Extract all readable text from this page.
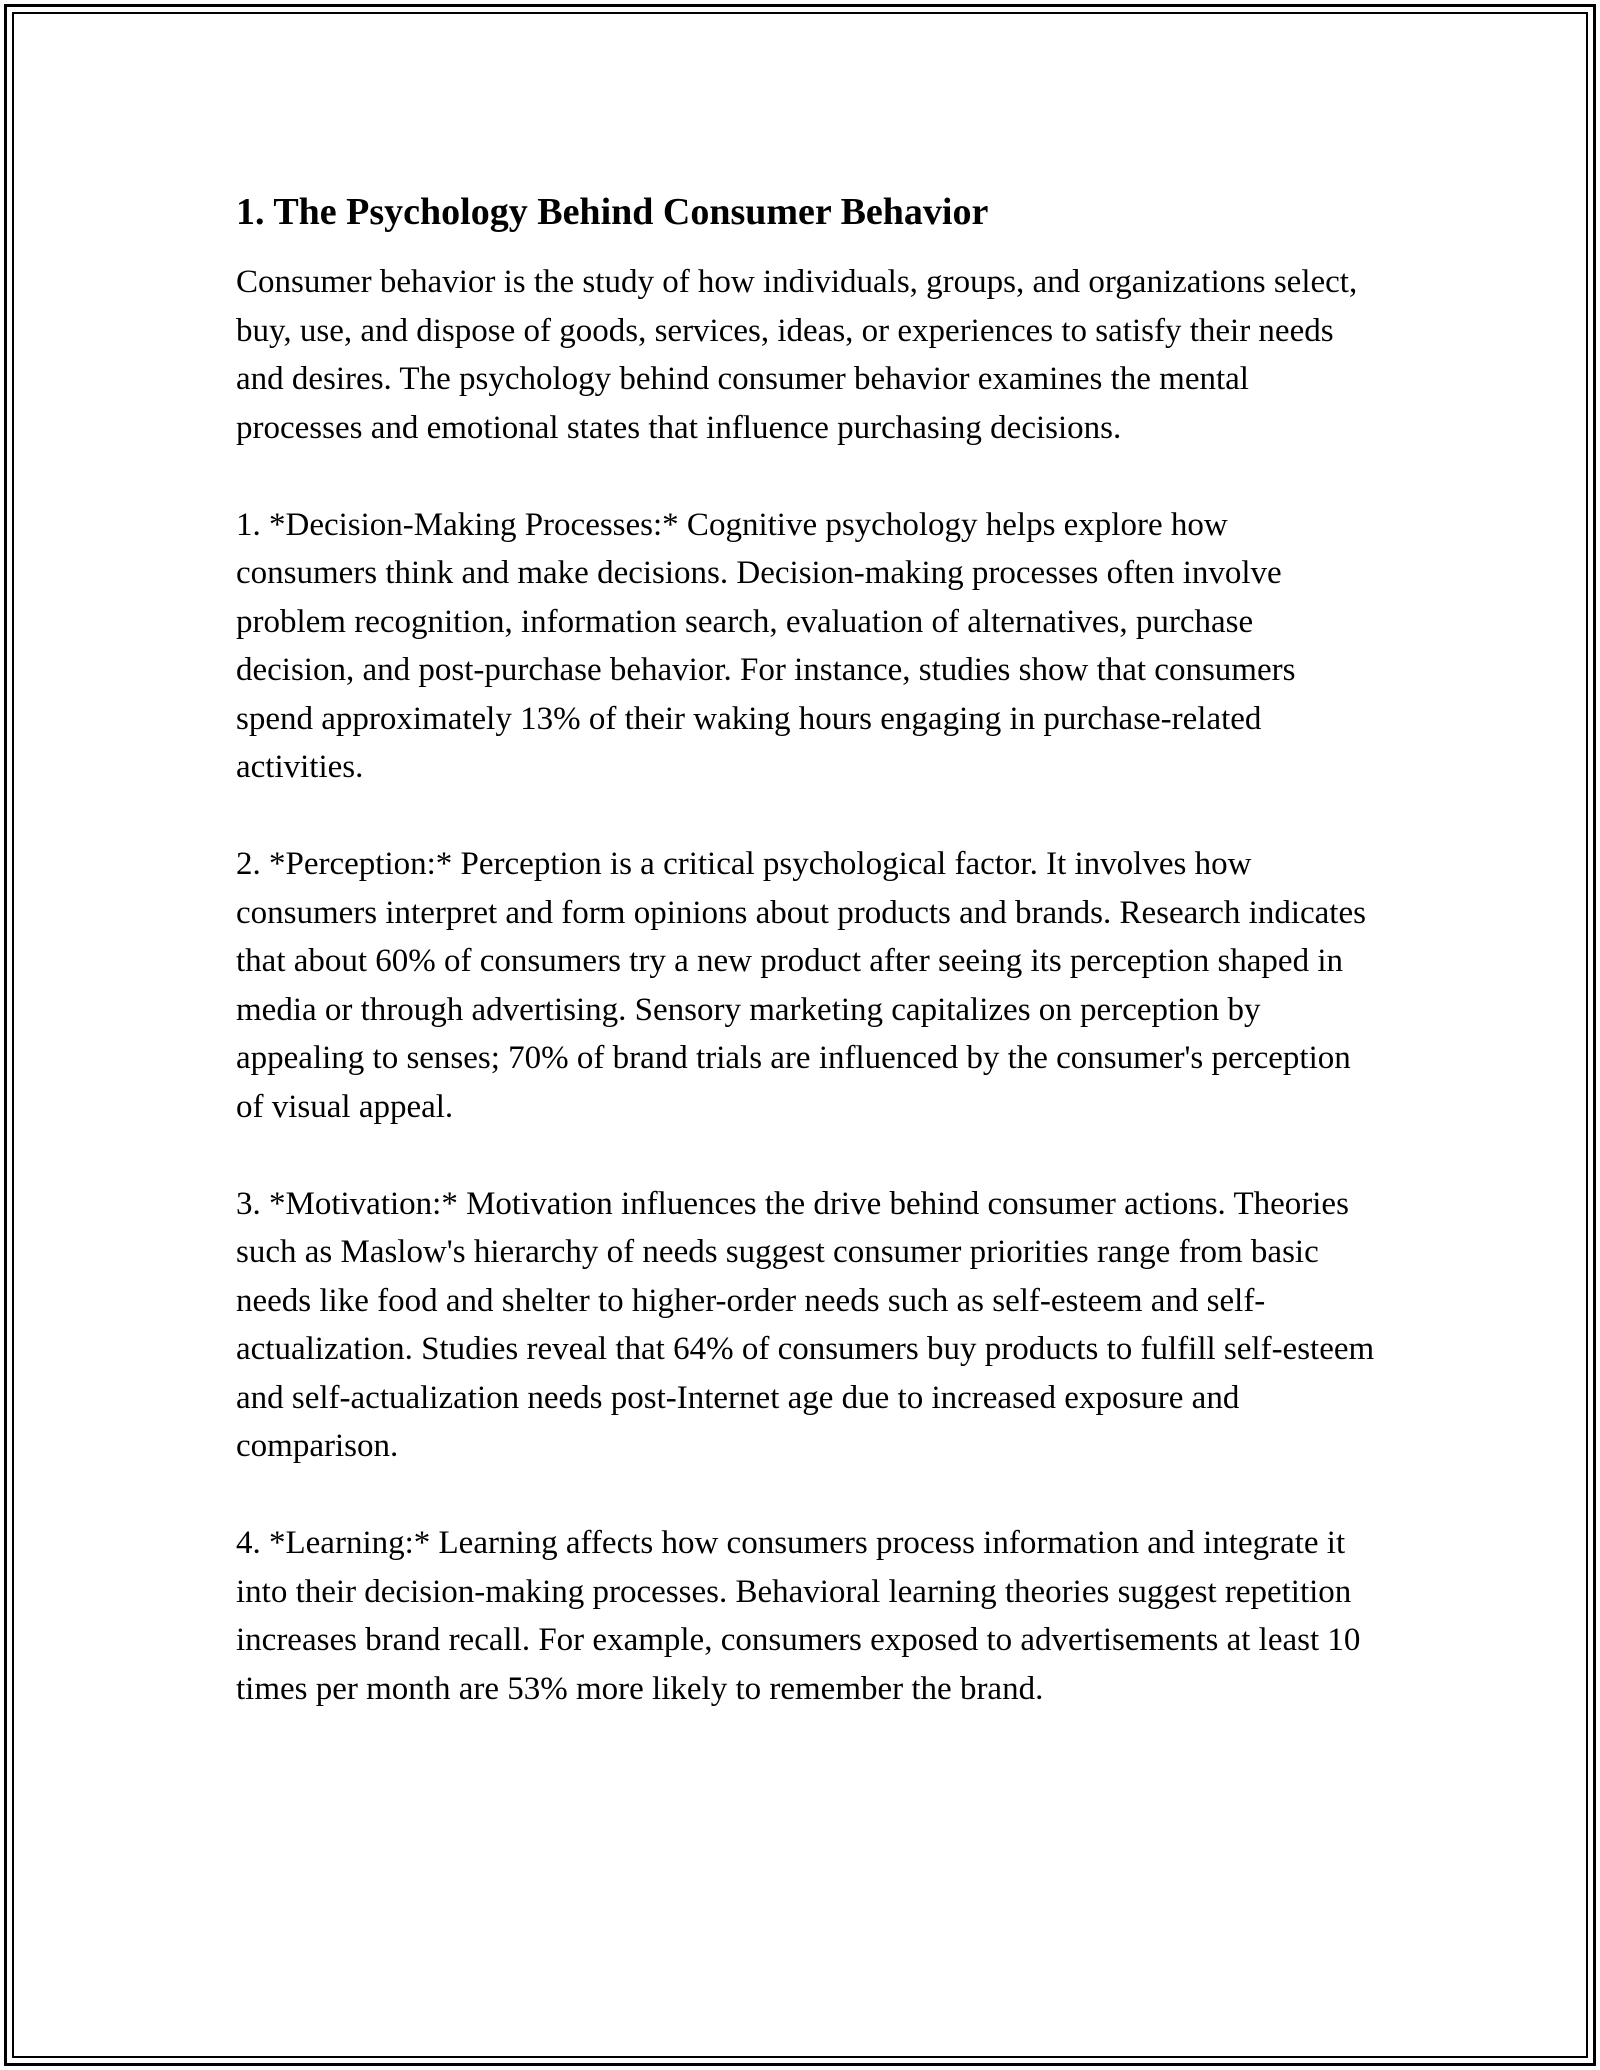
1. The Psychology Behind Consumer Behavior

Consumer behavior is the study of how individuals, groups, and organizations select, buy, use, and dispose of goods, services, ideas, or experiences to satisfy their needs and desires. The psychology behind consumer behavior examines the mental processes and emotional states that influence purchasing decisions.

1. *Decision-Making Processes:* Cognitive psychology helps explore how consumers think and make decisions. Decision-making processes often involve problem recognition, information search, evaluation of alternatives, purchase decision, and post-purchase behavior. For instance, studies show that consumers spend approximately 13% of their waking hours engaging in purchase-related activities.

2. *Perception:* Perception is a critical psychological factor. It involves how consumers interpret and form opinions about products and brands. Research indicates that about 60% of consumers try a new product after seeing its perception shaped in media or through advertising. Sensory marketing capitalizes on perception by appealing to senses; 70% of brand trials are influenced by the consumer's perception of visual appeal.

3. *Motivation:* Motivation influences the drive behind consumer actions. Theories such as Maslow's hierarchy of needs suggest consumer priorities range from basic needs like food and shelter to higher-order needs such as self-esteem and self-actualization. Studies reveal that 64% of consumers buy products to fulfill self-esteem and self-actualization needs post-Internet age due to increased exposure and comparison.

4. *Learning:* Learning affects how consumers process information and integrate it into their decision-making processes. Behavioral learning theories suggest repetition increases brand recall. For example, consumers exposed to advertisements at least 10 times per month are 53% more likely to remember the brand.
